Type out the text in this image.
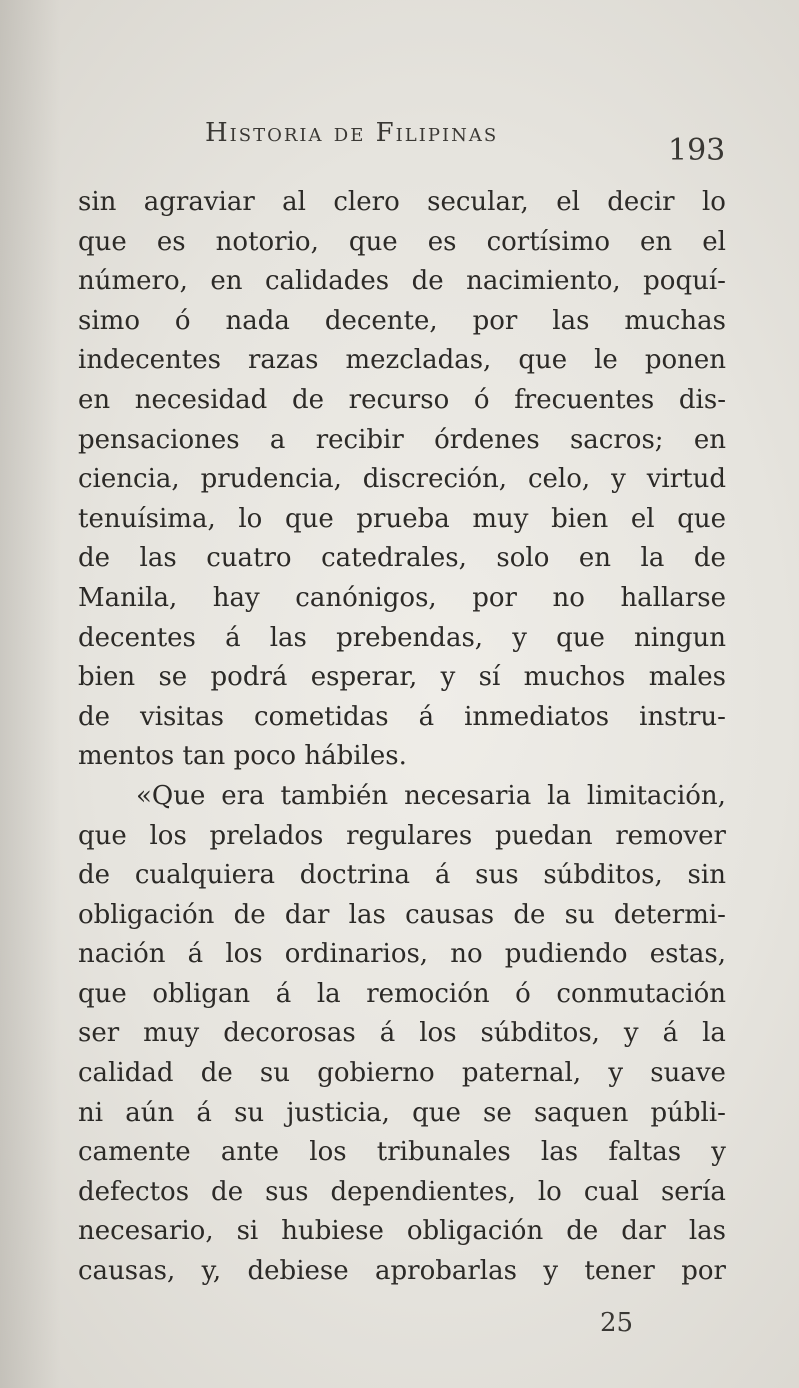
Historia de Filipinas	193
sin agraviar al clero secular, el decir lo
que es notorio, que es cortísimo en el
número, en calidades de nacimiento, poquí-
simo ó nada decente, por las muchas
indecentes razas mezcladas, que le ponen
en necesidad de recurso ó frecuentes dis-
pensaciones a recibir órdenes sacros; en
ciencia, prudencia, discreción, celo, y virtud
tenuísima, lo que prueba muy bien el que
de las cuatro catedrales, solo en la de
Manila, hay canónigos, por no hallarse
decentes á las prebendas, y que ningun
bien se podrá esperar, y sí muchos males
de visitas cometidas á inmediatos instru-
mentos tan poco hábiles.
«Que era también necesaria la limitación,
que los prelados regulares puedan remover
de cualquiera doctrina á sus súbditos, sin
obligación de dar las causas de su determi-
nación á los ordinarios, no pudiendo estas,
que obligan á la remoción ó conmutación
ser muy decorosas á los súbditos, y á la
calidad de su gobierno paternal, y suave
ni aún á su justicia, que se saquen públi-
camente ante los tribunales las faltas y
defectos de sus dependientes, lo cual sería
necesario, si hubiese obligación de dar las
causas, y, debiese aprobarlas y tener por
25
